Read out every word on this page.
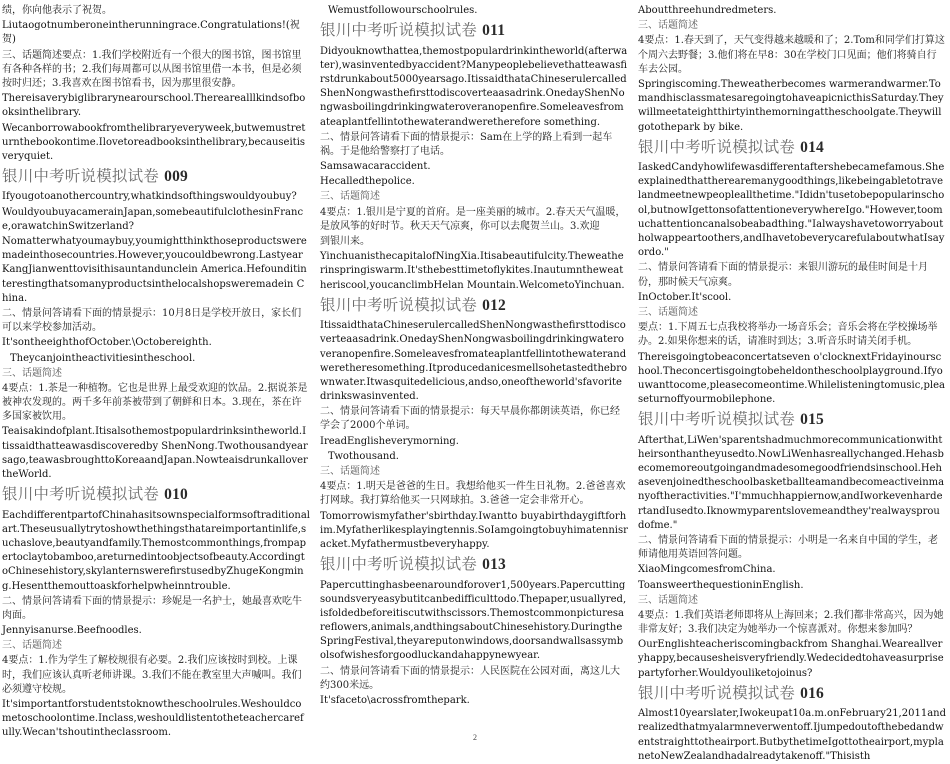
绩，你向他表示了祝贺。

Liutaogotnumberoneintherunningrace.Congratulations!(祝贺)

三、话题简述要点：1.我们学校附近有一个很大的图书馆，图书馆里有各种各样的书；2.我们每周都可以从图书馆里借一本书，但是必须按时归还；3.我喜欢在图书馆看书，因为那里很安静。

Thereisaverybiglibrarynearourschool.Therearealllkindsofbooksinthelibrary.

Wecanborrowabookfromthelibraryeveryweek,butwemustreturnthebookontime.Ilovetoreadbooksinthelibrary,becauseitisveryquiet.

银川中考听说模拟试卷 009

Ifyougotoanothercountry,whatkindsofthingswouldyoubuy?

WouldyoubuyacamerainJapan,somebeautifulclothesinFrance,orawatchinSwitzerland?

Nomatterwhatyoumaybuy,youmightthinkthoseproductsweremadeinthosecountries.However,youcouldbewrong.LastyearKangJianwenttovisithisauntandunclein America.Hefounditinterestingthatsomanyproductsinthelocalshopsweremadein China.

二、情景问答请看下面的情景提示：10月8日是学校开放日，家长们可以来学校参加活动。

It'sontheeighthofOctober.\Octobereighth.

Theycanjointheactivitiesintheschool.

三、话题简述

4要点：1.茶是一种植物。它也是世界上最受欢迎的饮品。2.据说茶是被神农发现的。两千多年前茶被带到了朝鲜和日本。3.现在，茶在许多国家被饮用。

Teaisakindofplant.Itisalsothemostpopulardrinksintheworld.Itissaidthatteawasdiscoveredby ShenNong.Twothousandyearsago,teawasbroughttoKoreaandJapan.NowteaisdrunkallovertheWorld.

银川中考听说模拟试卷 010

EachdifferentpartofChinahasitsownspecialformsoftraditionalart.Theseusuallytrytoshowthethingsthatareimportantinlife,suchaslove,beautyandfamily.Themostcommonthings,frompapertoclaytobamboo,areturnedintoobjectsofbeauty.AccordingtoChinesehistory,skylanternswerefirstusedbyZhugeKongming.Hesentthemouttoaskforhelpwheinntrouble.

二、情景问答请看下面的情景提示：珍妮是一名护士，她最喜欢吃牛肉面。

Jennyisanurse.Beefnoodles.

三、话题简述

4要点：1.作为学生了解校规很有必要。2.我们应该按时到校。上课时，我们应该认真听老师讲课。3.我们不能在教室里大声喊叫。我们必须遵守校规。

It'simportantforstudentstoknowtheschoolrules.Weshouldcometoschoolontime.Inclass,weshouldlistentotheteachercarefully.Wecan'tshoutintheclassroom.

Wemustfollowourschoolrules.

银川中考听说模拟试卷 011

Didyouknowthattea,themostpopulardrinkintheworld(afterwater),wasinventedbyaccident?Manypeoplebelievethatteawasfirstdrunkabout5000yearsago.ItissaidthataChineserulercalledShenNongwasthefirsttodiscoverteaasadrink.OnedayShenNongwasboilingdrinkingwateroveranopenfire.Someleavesfromateaplantfellintothewaterandweretherefore something.

二、情景问答请看下面的情景提示：Sam在上学的路上看到一起车祸。于是他给警察打了电话。

Samsawacaraccident.

Hecalledthepolice.

三、话题简述

4要点：1.银川是宁夏的首府。是一座美丽的城市。2.春天天气温暖，是放风筝的好时节。秋天天气凉爽，你可以去爬贺兰山。3.欢迎

到银川来。

YinchuanisthecapitalofNingXia.Itisabeautifulcity.Theweatherinspringiswarm.It'sthebesttimetoflykites.Inautumntheweatheriscool,youcanclimbHelan Mountain.WelcometoYinchuan.

银川中考听说模拟试卷 012

ItissaidthataChineserulercalledShenNongwasthefirsttodiscoverteaasadrink.OnedayShenNongwasboilingdrinkingwateroveranopenfire.Someleavesfromateaplantfellintothewaterandweretheresomething.Itproducedanicesmellsohetastedthebrownwater.Itwasquitedelicious,andso,oneoftheworld'sfavoritedrinkswasinvented.

二、情景问答请看下面的情景提示：每天早晨你都朗读英语，你已经学会了2000个单词。

IreadEnglisheverymorning.

Twothousand.

三、话题简述

4要点：1.明天是爸爸的生日。我想给他买一件生日礼物。2.爸爸喜欢打网球。我打算给他买一只网球拍。3.爸爸一定会非常开心。

Tomorrowismyfather'sbirthday.Iwantto buyabirthdaygiftforhim.Myfatherlikesplayingtennis.SoIamgoingtobuyhimatennisracket.Myfathermustbeveryhappy.

银川中考听说模拟试卷 013

Papercuttinghasbeenaroundforover1,500years.Papercuttingsoundsveryeasybutitcanbedifficulttodo.Thepaper,usuallyred,isfoldedbeforeitiscutwithscissors.Themostcommonpicturesareflowers,animals,andthingsaboutChinesehistory.DuringtheSpringFestival,theyareputonwindows,doorsandwallsassymbolsofwishesforgoodluckandahappynewyear.

二、情景问答请看下面的情景提示：人民医院在公园对面，离这儿大约300米远。

It'sfaceto\acrossfromthepark.

Aboutthreehundredmeters.

三、话题简述

4要点：1.春天到了，天气变得越来越暖和了；2.Tom和同学们打算这个周六去野餐；3.他们将在早8：30在学校门口见面；他们将骑自行车去公园。

Springiscoming.Theweatherbecomes warmerandwarmer.TomandhisclassmatesaregoingtohaveapicnicthisSaturday.Theywillmeetateightthirtyinthemorningattheschoolgate.Theywillgotothepark by bike.

银川中考听说模拟试卷 014

IaskedCandyhowlifewasdifferentaftershebecamefamous.Sheexplainedthattherearemanygoodthings,likebeingabletotravelandmeetnewpeopleallthetime."Ididn'tusetobepopularinschool,butnowIgettonsofattentioneverywhereIgo."However,toomuchattentioncanalsobeabadthing."Ialwayshavetoworryaboutholwappeartoothers,andIhavetobeverycarefulaboutwhatIsayordo."

二、情景问答请看下面的情景提示：来银川游玩的最佳时间是十月份，那时候天气凉爽。

InOctober.It'scool.

三、话题简述

要点：1.下周五七点我校将举办一场音乐会；音乐会将在学校操场举办。2.如果你想来的话，请准时到达；3.听音乐时请关闭手机。

Thereisgoingtobeaconcertatseven o'clocknextFridayinourschool.Theconcertisgoingtobeheldontheschoolplayground.Ifyouwanttocome,pleasecomeontime.Whilelisteningtomusic,pleaseturnoffyourmobilephone.

银川中考听说模拟试卷 015

Afterthat,LiWen'sparentshadmuchmorecommunicationwiththeirsonthantheyusedto.NowLiWenhasreallychanged.Hehasbecomemoreoutgoingandmadesomegoodfriendsinschool.Hehasevenjoinedtheschoolbasketballteamandbecomeactiveinmanyoftheractivities."I'mmuchhappiernow,andIworkevenhardertandIusedto.Iknowmyparentslovemeandthey'realwaysproudofme."

二、情景问答请看下面的情景提示：小明是一名来自中国的学生，老师请他用英语回答问题。

XiaoMingcomesfromChina.

ToansweerthequestioninEnglish.

三、话题简述

4要点：1.我们英语老师即将从上海回来；2.我们都非常高兴，因为她非常友好；3.我们决定为她举办一个惊喜派对。你想来参加吗？

OurEnglishteacheriscomingbackfrom Shanghai.Weareallveryhappy,becausesheisveryfriendly.Wedecidedtohaveasurprisepartyforher.Wouldyouliketojoinus?

银川中考听说模拟试卷 016

Almost10yearslater,Iwokeupat10a.m.onFebruary21,2011andrealizedthatmyalarmneverwentoff.Ijumpedoutofthebedandwentstraighttotheairport.ButbythetimeIgottotheairport,myplanetoNewZealandhadalreadytakenoff."Thisisth

2
